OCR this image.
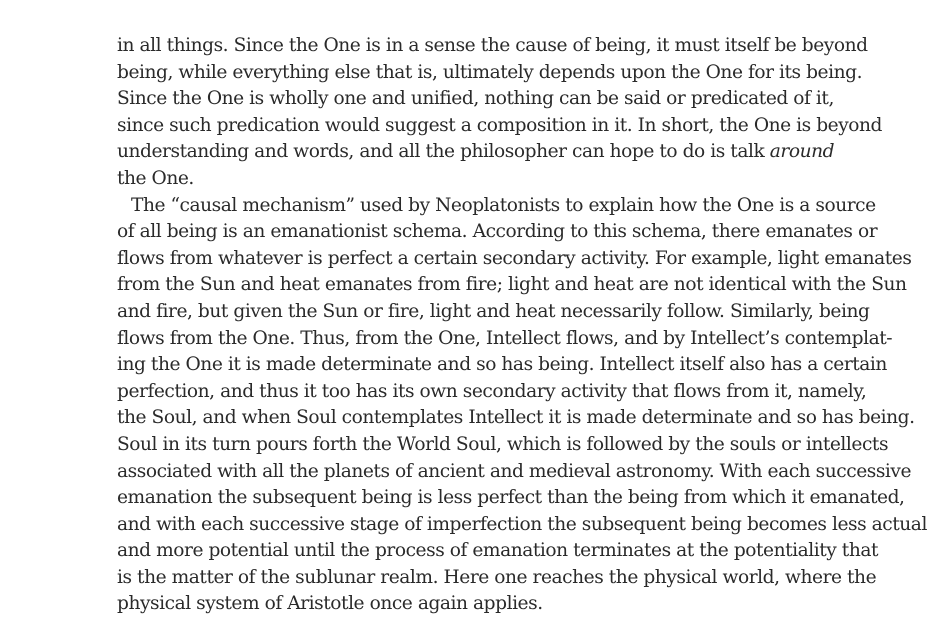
in all things. Since the One is in a sense the cause of being, it must itself be beyond
being, while everything else that is, ultimately depends upon the One for its being.
Since the One is wholly one and unified, nothing can be said or predicated of it,
since such predication would suggest a composition in it. In short, the One is beyond
understanding and words, and all the philosopher can hope to do is talk around
the One.
The “causal mechanism” used by Neoplatonists to explain how the One is a source
of all being is an emanationist schema. According to this schema, there emanates or
flows from whatever is perfect a certain secondary activity. For example, light emanates
from the Sun and heat emanates from fire; light and heat are not identical with the Sun
and fire, but given the Sun or fire, light and heat necessarily follow. Similarly, being
flows from the One. Thus, from the One, Intellect flows, and by Intellect’s contemplat-
ing the One it is made determinate and so has being. Intellect itself also has a certain
perfection, and thus it too has its own secondary activity that flows from it, namely,
the Soul, and when Soul contemplates Intellect it is made determinate and so has being.
Soul in its turn pours forth the World Soul, which is followed by the souls or intellects
associated with all the planets of ancient and medieval astronomy. With each successive
emanation the subsequent being is less perfect than the being from which it emanated,
and with each successive stage of imperfection the subsequent being becomes less actual
and more potential until the process of emanation terminates at the potentiality that
is the matter of the sublunar realm. Here one reaches the physical world, where the
physical system of Aristotle once again applies.
